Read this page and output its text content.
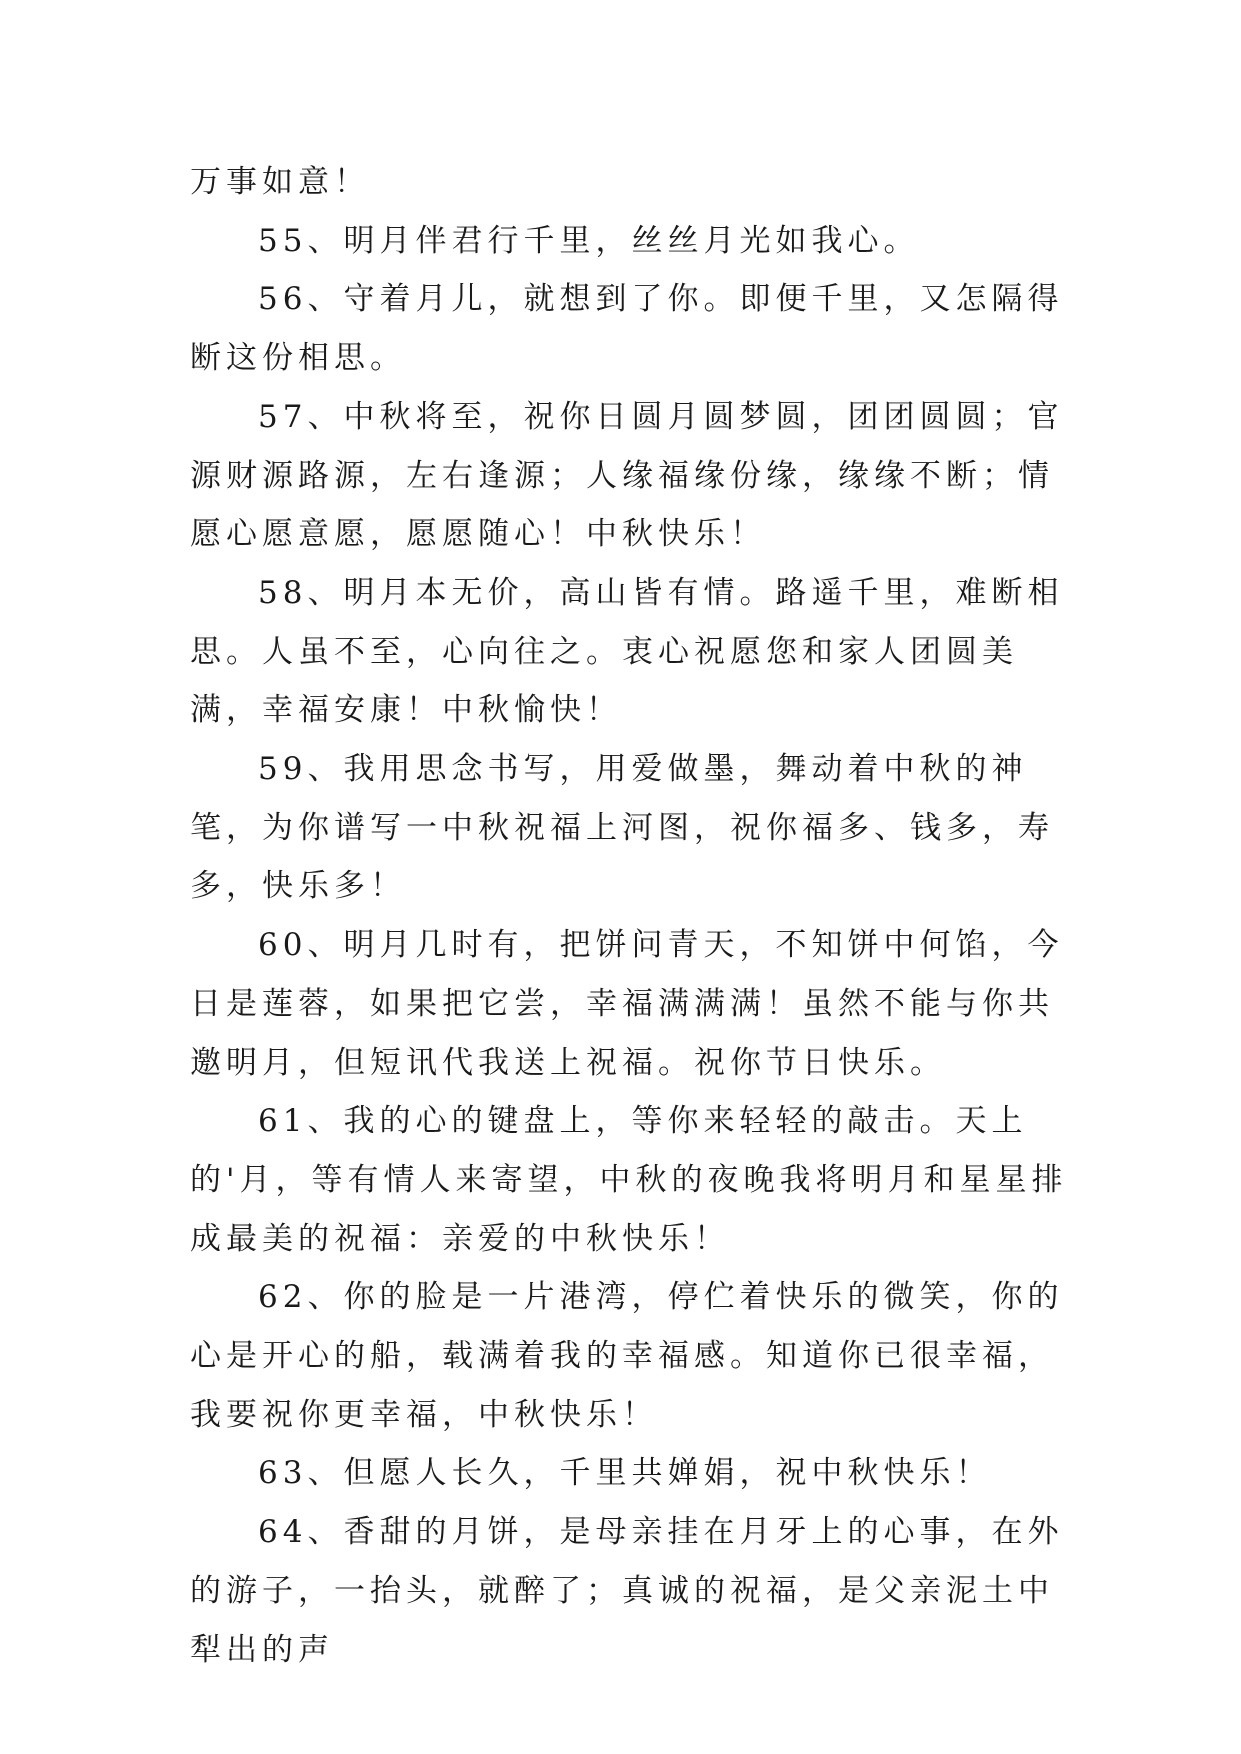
万事如意！

55、明月伴君行千里，丝丝月光如我心。

56、守着月儿，就想到了你。即便千里，又怎隔得断这份相思。

57、中秋将至，祝你日圆月圆梦圆，团团圆圆；官源财源路源，左右逢源；人缘福缘份缘，缘缘不断；情愿心愿意愿，愿愿随心！中秋快乐！

58、明月本无价，高山皆有情。路遥千里，难断相思。人虽不至，心向往之。衷心祝愿您和家人团圆美满，幸福安康！中秋愉快！

59、我用思念书写，用爱做墨，舞动着中秋的神笔，为你谱写一中秋祝福上河图，祝你福多、钱多，寿多，快乐多！

60、明月几时有，把饼问青天，不知饼中何馅，今日是莲蓉，如果把它尝，幸福满满满！虽然不能与你共邀明月，但短讯代我送上祝福。祝你节日快乐。

61、我的心的键盘上，等你来轻轻的敲击。天上的'月，等有情人来寄望，中秋的夜晚我将明月和星星排成最美的祝福：亲爱的中秋快乐！

62、你的脸是一片港湾，停伫着快乐的微笑，你的心是开心的船，载满着我的幸福感。知道你已很幸福，我要祝你更幸福，中秋快乐！

63、但愿人长久，千里共婵娟，祝中秋快乐！

64、香甜的月饼，是母亲挂在月牙上的心事，在外的游子，一抬头，就醉了；真诚的祝福，是父亲泥土中犁出的声
